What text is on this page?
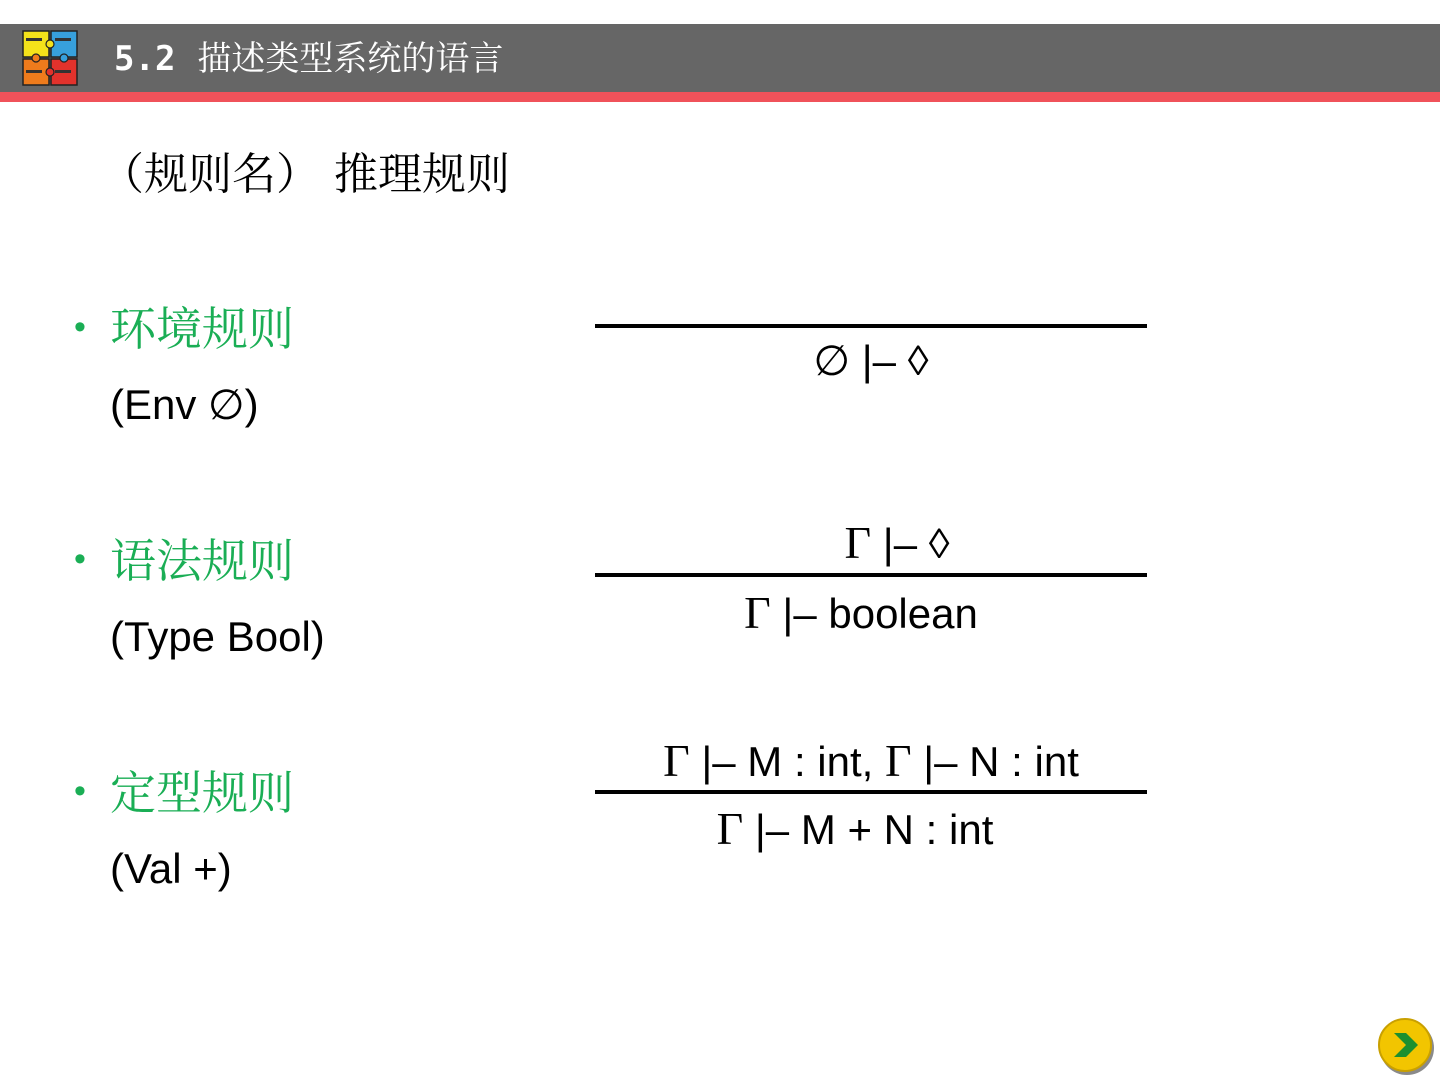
5.2 描述类型系统的语言
（规则名） 推理规则
• 环境规则
(Env ∅)
∅ |– ◊
• 语法规则
(Type Bool)
Γ |– ◊
Γ |– boolean
• 定型规则
(Val +)
Γ |– M : int, Γ |– N : int
Γ |– M + N : int
